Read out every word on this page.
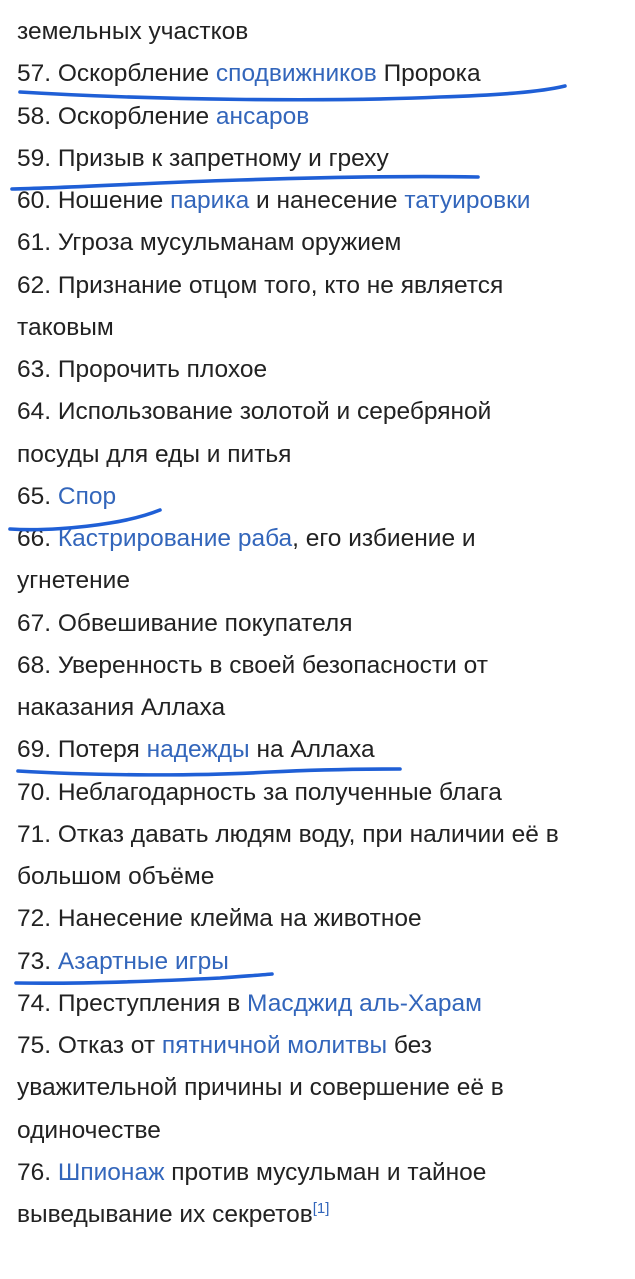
земельных участков
57. Оскорбление сподвижников Пророка
58. Оскорбление ансаров
59. Призыв к запретному и греху
60. Ношение парика и нанесение татуировки
61. Угроза мусульманам оружием
62. Признание отцом того, кто не является
таковым
63. Пророчить плохое
64. Использование золотой и серебряной
посуды для еды и питья
65. Спор
66. Кастрирование раба, его избиение и
угнетение
67. Обвешивание покупателя
68. Уверенность в своей безопасности от
наказания Аллаха
69. Потеря надежды на Аллаха
70. Неблагодарность за полученные блага
71. Отказ давать людям воду, при наличии её в
большом объёме
72. Нанесение клейма на животное
73. Азартные игры
74. Преступления в Масджид аль-Харам
75. Отказ от пятничной молитвы без
уважительной причины и совершение её в
одиночестве
76. Шпионаж против мусульман и тайное
выведывание их секретов[1]
